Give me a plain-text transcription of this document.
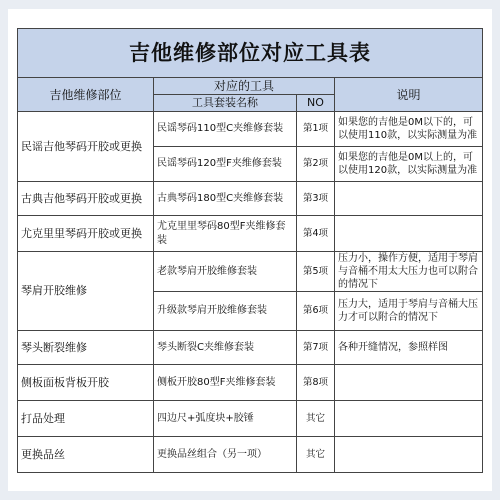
吉他维修部位对应工具表			
吉他维修部位	对应的工具		说明
	工具套装名称	NO	
民谣吉他琴码开胶或更换	民谣琴码110型C夹维修套装	第1项	如果您的吉他是0M以下的，可以使用110款，以实际测量为准
	民谣琴码120型F夹维修套装	第2项	如果您的吉他是0M以上的，可以使用120款，以实际测量为准
古典吉他琴码开胶或更换	古典琴码180型C夹维修套装	第3项	
尤克里里琴码开胶或更换	尤克里里琴码80型F夹维修套装	第4项	
琴肩开胶维修	老款琴肩开胶维修套装	第5项	压力小，操作方便，适用于琴肩与音桶不用太大压力也可以附合的情况下
	升级款琴肩开胶维修套装	第6项	压力大，适用于琴肩与音桶大压力才可以附合的情况下
琴头断裂维修	琴头断裂C夹维修套装	第7项	各种开缝情况，参照样图
侧板面板背板开胶	侧板开胶80型F夹维修套装	第8项	
打品处理	四边尺+弧度块+胶锤	其它	
更换品丝	更换品丝组合（另一项）	其它	
